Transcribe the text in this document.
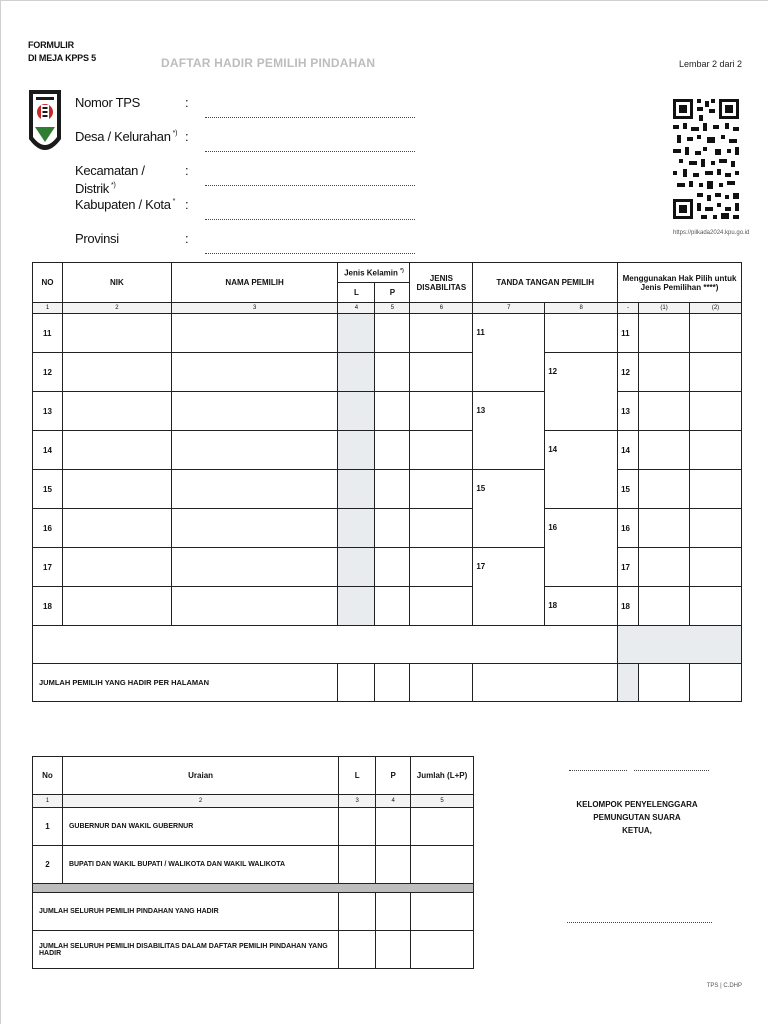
FORMULIR
DI MEJA KPPS 5	DAFTAR HADIR PEMILIH PINDAHAN	Lembar 2 dari 2
Nomor TPS	:
Desa / Kelurahan *) :
Kecamatan / Distrik *)
:
Kabupaten / Kota * :
Provinsi	:	https://pilkada2024.kpu.go.id
NO	NIK	NAMA PEMILIH	Jenis Kelamin *)		JENIS
DISABILITAS	TANDA TANGAN PEMILIH		Menggunakan Hak Pilih untuk
Jenis Pemilihan ****)		
			L	P						
1	2	3	4	5	6	7	8	-	(1)	(2)
11						11		11		
12							12	12		
13						13		13		
14							14	14		
15						15		15		
16							16	16		
17						17		17		
18							18	18		

JUMLAH PEMILIH YANG HADIR PER HALAMAN										
No	Uraian	L	P	Jumlah (L+P)
1	2	3	4	5
1	GUBERNUR DAN WAKIL GUBERNUR			
2	BUPATI DAN WAKIL BUPATI / WALIKOTA DAN WAKIL WALIKOTA			

JUMLAH SELURUH PEMILIH PINDAHAN YANG HADIR				
JUMLAH SELURUH PEMILIH DISABILITAS DALAM DAFTAR PEMILIH PINDAHAN YANG HADIR				
KELOMPOK PENYELENGGARA
PEMUNGUTAN SUARA
KETUA,
TPS | C.DHP
